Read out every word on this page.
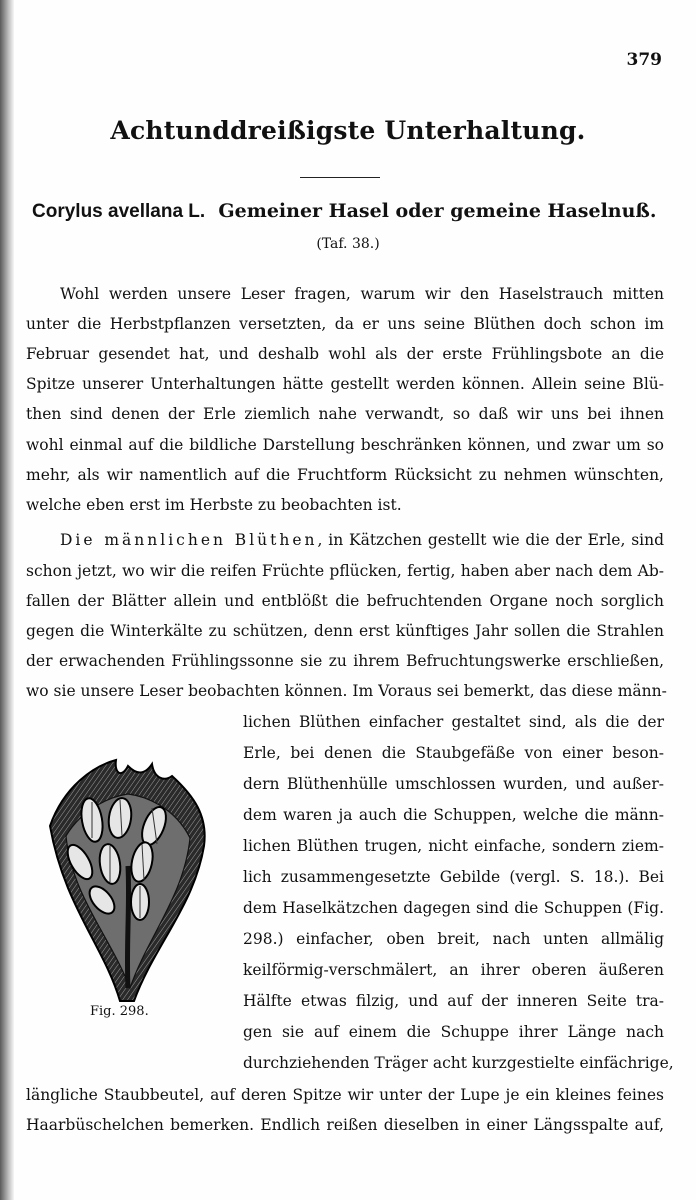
379
Achtunddreißigste Unterhaltung.
Corylus avellana L. Gemeiner Hasel oder gemeine Haselnuß.
(Taf. 38.)
Wohl werden unsere Leser fragen, warum wir den Haselstrauch mitten
unter die Herbstpflanzen versetzten, da er uns seine Blüthen doch schon im
Februar gesendet hat, und deshalb wohl als der erste Frühlingsbote an die
Spitze unserer Unterhaltungen hätte gestellt werden können. Allein seine Blü-
then sind denen der Erle ziemlich nahe verwandt, so daß wir uns bei ihnen
wohl einmal auf die bildliche Darstellung beschränken können, und zwar um so
mehr, als wir namentlich auf die Fruchtform Rücksicht zu nehmen wünschten,
welche eben erst im Herbste zu beobachten ist.
Die männlichen Blüthen, in Kätzchen gestellt wie die der Erle, sind
schon jetzt, wo wir die reifen Früchte pflücken, fertig, haben aber nach dem Ab-
fallen der Blätter allein und entblößt die befruchtenden Organe noch sorglich
gegen die Winterkälte zu schützen, denn erst künftiges Jahr sollen die Strahlen
der erwachenden Frühlingssonne sie zu ihrem Befruchtungswerke erschließen,
wo sie unsere Leser beobachten können. Im Voraus sei bemerkt, das diese männ-
lichen Blüthen einfacher gestaltet sind, als die der
Erle, bei denen die Staubgefäße von einer beson-
dern Blüthenhülle umschlossen wurden, und außer-
dem waren ja auch die Schuppen, welche die männ-
lichen Blüthen trugen, nicht einfache, sondern ziem-
lich zusammengesetzte Gebilde (vergl. S. 18.). Bei
dem Haselkätzchen dagegen sind die Schuppen (Fig.
298.) einfacher, oben breit, nach unten allmälig
keilförmig-verschmälert, an ihrer oberen äußeren
Hälfte etwas filzig, und auf der inneren Seite tra-
gen sie auf einem die Schuppe ihrer Länge nach
durchziehenden Träger acht kurzgestielte einfächrige,
längliche Staubbeutel, auf deren Spitze wir unter der Lupe je ein kleines feines
Haarbüschelchen bemerken. Endlich reißen dieselben in einer Längsspalte auf,
Fig. 298.
